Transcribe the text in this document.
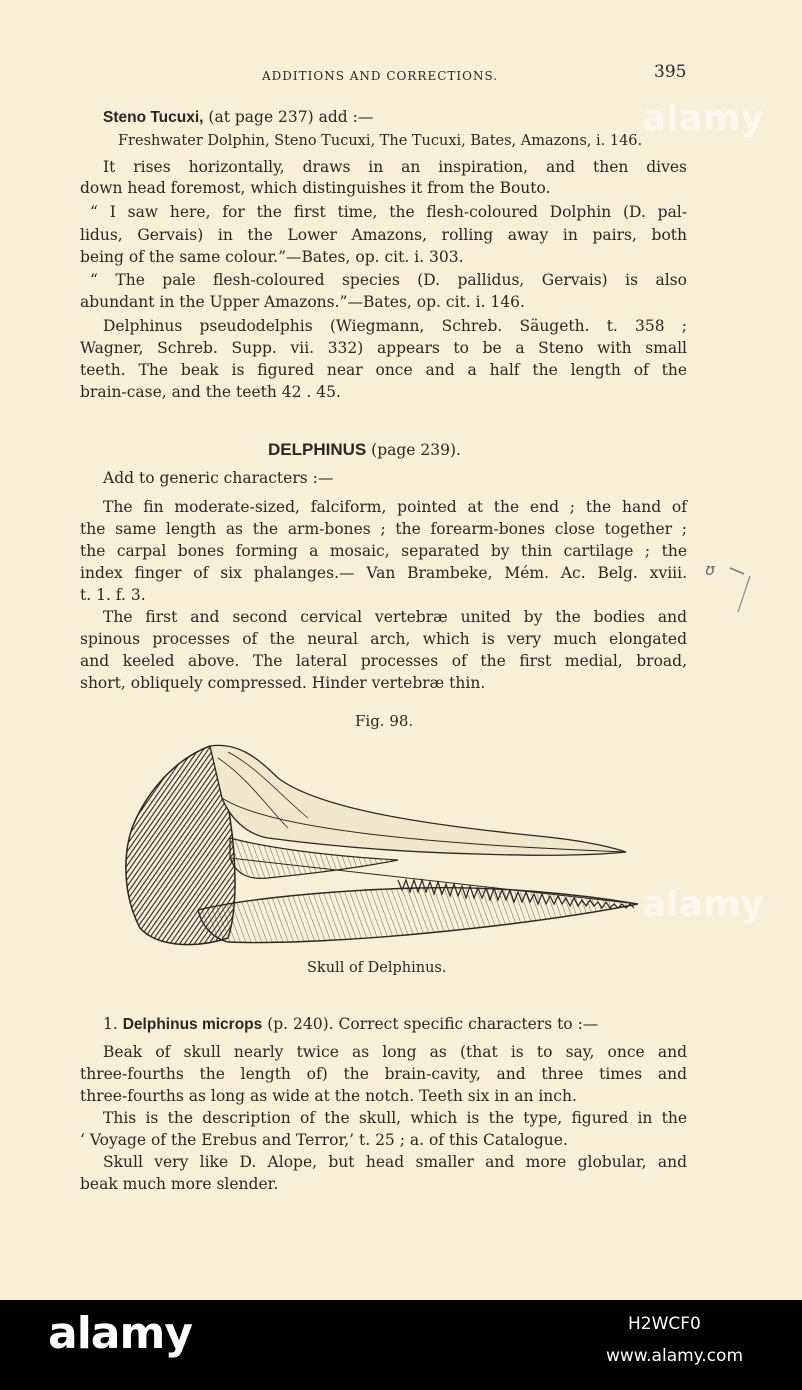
ADDITIONS AND CORRECTIONS.	395
Steno Tucuxi, (at page 237) add :—
Freshwater Dolphin, Steno Tucuxi, The Tucuxi, Bates, Amazons, i. 146.
It rises horizontally, draws in an inspiration, and then dives
down head foremost, which distinguishes it from the Bouto.
“ I saw here, for the first time, the flesh-coloured Dolphin (D. pal-
lidus, Gervais) in the Lower Amazons, rolling away in pairs, both
being of the same colour.”—Bates, op. cit. i. 303.
“ The pale flesh-coloured species (D. pallidus, Gervais) is also
abundant in the Upper Amazons.”—Bates, op. cit. i. 146.
Delphinus pseudodelphis (Wiegmann, Schreb. Säugeth. t. 358 ;
Wagner, Schreb. Supp. vii. 332) appears to be a Steno with small
teeth. The beak is figured near once and a half the length of the
brain-case, and the teeth 42 . 45.
DELPHINUS (page 239).
Add to generic characters :—
The fin moderate-sized, falciform, pointed at the end ; the hand of
the same length as the arm-bones ; the forearm-bones close together ;
the carpal bones forming a mosaic, separated by thin cartilage ; the
index finger of six phalanges.— Van Brambeke, Mém. Ac. Belg. xviii.
t. 1. f. 3.
The first and second cervical vertebræ united by the bodies and
spinous processes of the neural arch, which is very much elongated
and keeled above. The lateral processes of the first medial, broad,
short, obliquely compressed. Hinder vertebræ thin.
ʊ
Fig. 98.
Skull of Delphinus.
1. Delphinus microps (p. 240). Correct specific characters to :—
Beak of skull nearly twice as long as (that is to say, once and
three-fourths the length of) the brain-cavity, and three times and
three-fourths as long as wide at the notch. Teeth six in an inch.
This is the description of the skull, which is the type, figured in the
‘ Voyage of the Erebus and Terror,’ t. 25 ; a. of this Catalogue.
Skull very like D. Alope, but head smaller and more globular, and
beak much more slender.
alamy
alamy
alamy	H2WCF0
www.alamy.com
